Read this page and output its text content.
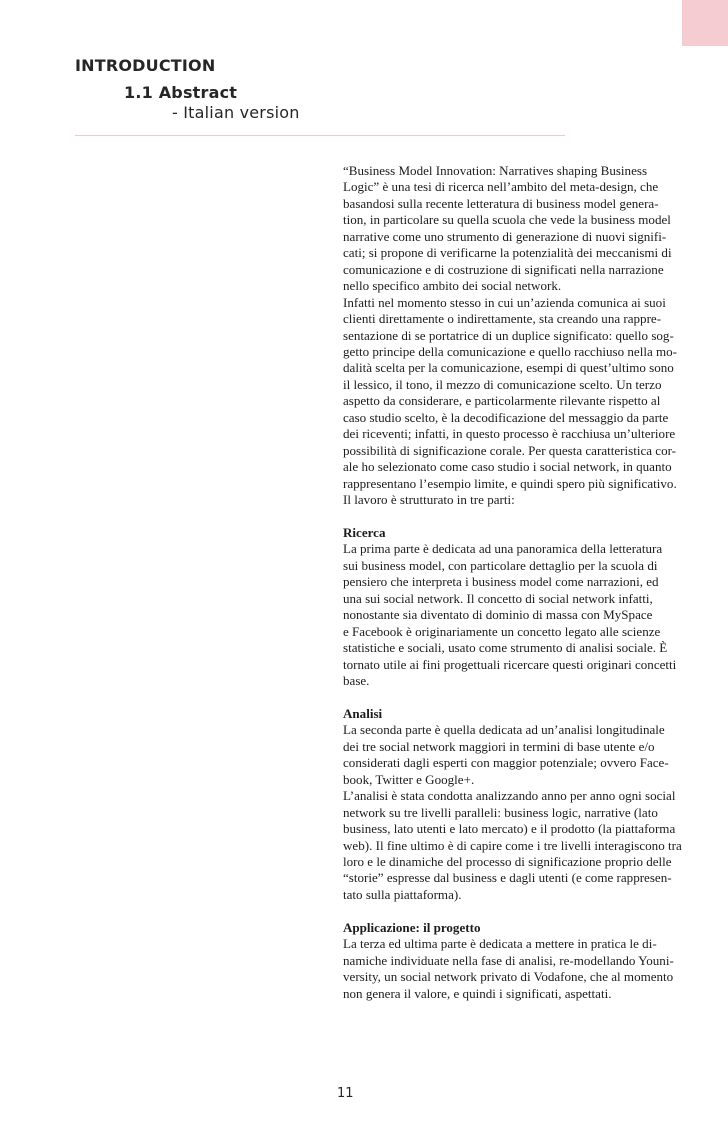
INTRODUCTION
1.1 Abstract
- Italian version

“Business Model Innovation: Narratives shaping Business

Logic” è una tesi di ricerca nell’ambito del meta-design, che

basandosi sulla recente letteratura di business model genera-

tion, in particolare su quella scuola che vede la business model

narrative come uno strumento di generazione di nuovi signifi-

cati; si propone di verificarne la potenzialità dei meccanismi di

comunicazione e di costruzione di significati nella narrazione

nello specifico ambito dei social network.

Infatti nel momento stesso in cui un’azienda comunica ai suoi

clienti direttamente o indirettamente, sta creando una rappre-

sentazione di se portatrice di un duplice significato: quello sog-

getto principe della comunicazione e quello racchiuso nella mo-

dalità scelta per la comunicazione, esempi di quest’ultimo sono

il lessico, il tono, il mezzo di comunicazione scelto. Un terzo

aspetto da considerare, e particolarmente rilevante rispetto al

caso studio scelto, è la decodificazione del messaggio da parte

dei riceventi; infatti, in questo processo è racchiusa un’ulteriore

possibilità di significazione corale. Per questa caratteristica cor-

ale ho selezionato come caso studio i social network, in quanto

rappresentano l’esempio limite, e quindi spero più significativo.

Il lavoro è strutturato in tre parti:

Ricerca

La prima parte è dedicata ad una panoramica della letteratura

sui business model, con particolare dettaglio per la scuola di

pensiero che interpreta i business model come narrazioni, ed

una sui social network. Il concetto di social network infatti,

nonostante sia diventato di dominio di massa con MySpace

e Facebook è originariamente un concetto legato alle scienze

statistiche e sociali, usato come strumento di analisi sociale. È

tornato utile ai fini progettuali ricercare questi originari concetti

base.

Analisi

La seconda parte è quella dedicata ad un’analisi longitudinale

dei tre social network maggiori in termini di base utente e/o

considerati dagli esperti con maggior potenziale; ovvero Face-

book, Twitter e Google+.

L’analisi è stata condotta analizzando anno per anno ogni social

network su tre livelli paralleli: business logic, narrative (lato

business, lato utenti e lato mercato) e il prodotto (la piattaforma

web). Il fine ultimo è di capire come i tre livelli interagiscono tra

loro e le dinamiche del processo di significazione proprio delle

“storie” espresse dal business e dagli utenti (e come rappresen-

tato sulla piattaforma).

Applicazione: il progetto

La terza ed ultima parte è dedicata a mettere in pratica le di-

namiche individuate nella fase di analisi, re-modellando Youni-

versity, un social network privato di Vodafone, che al momento

non genera il valore, e quindi i significati, aspettati.

11
